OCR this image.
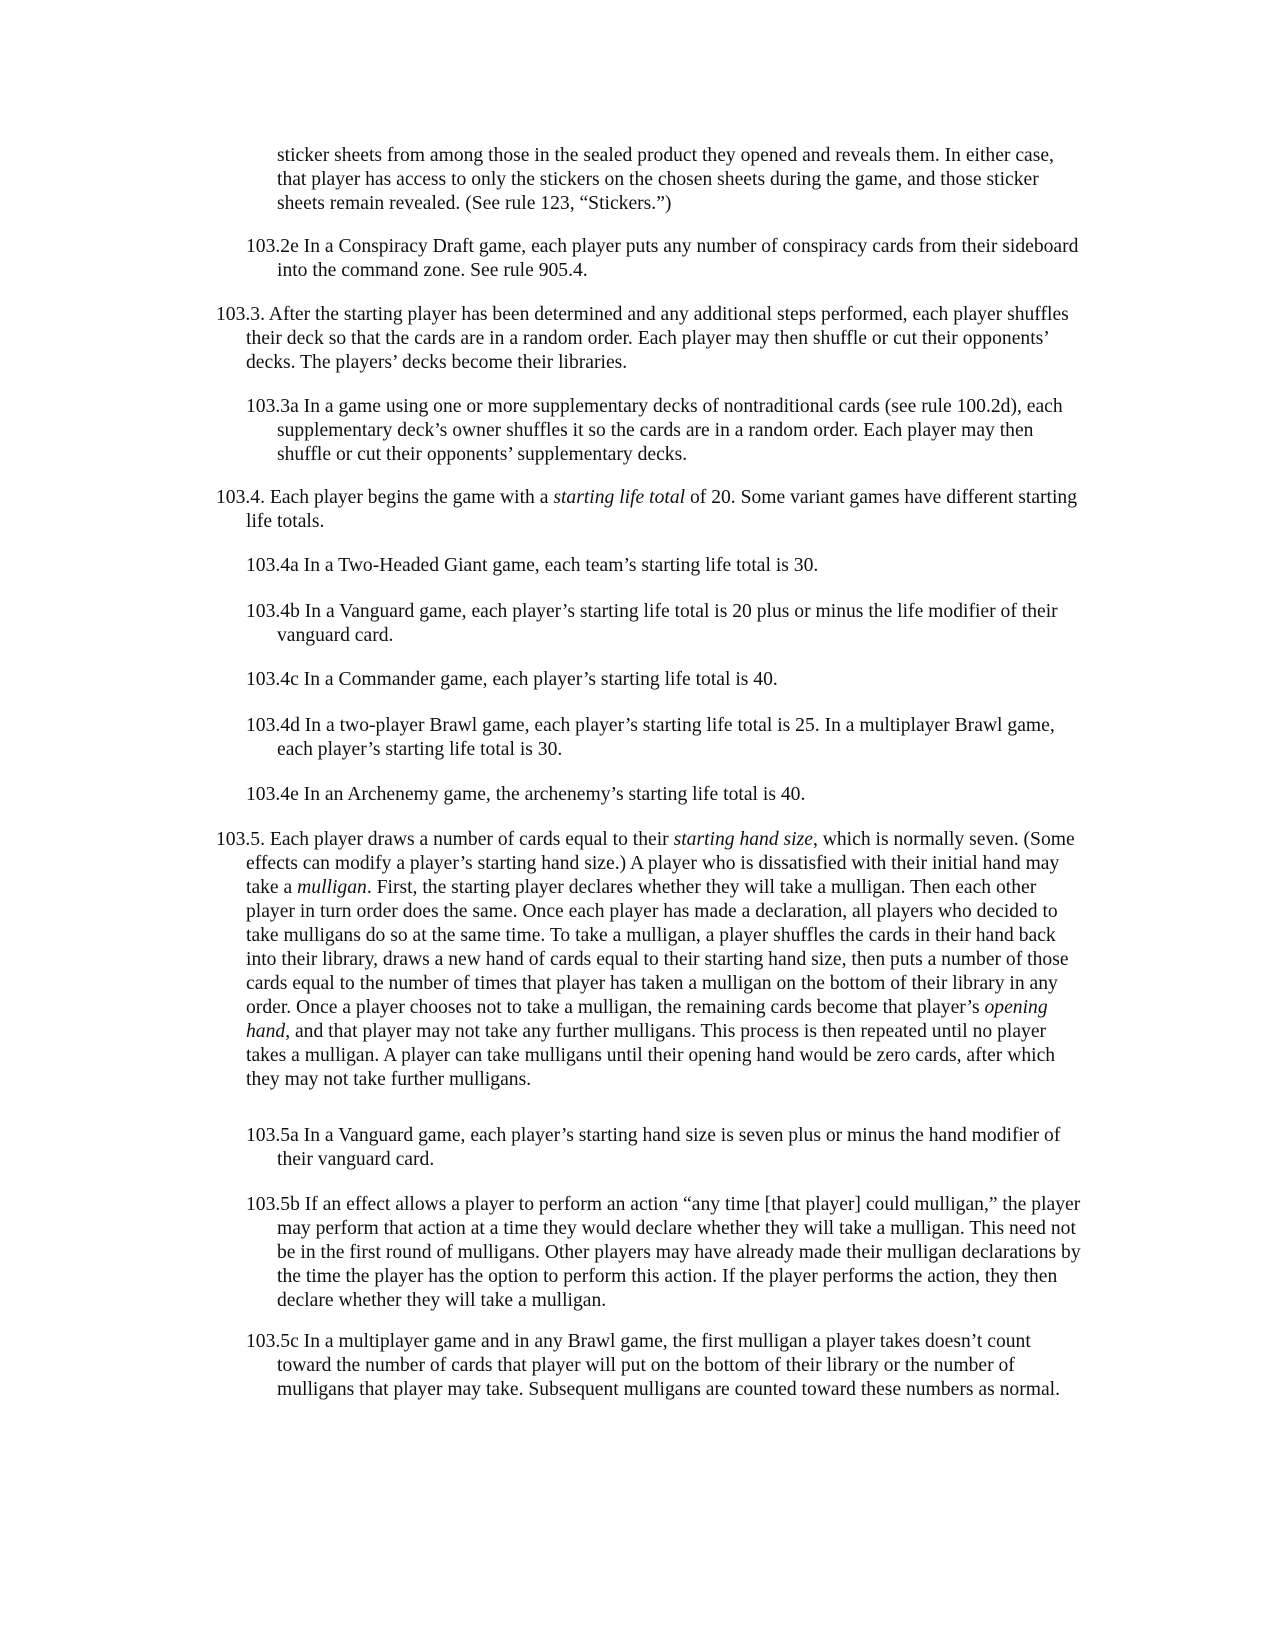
sticker sheets from among those in the sealed product they opened and reveals them. In either case, that player has access to only the stickers on the chosen sheets during the game, and those sticker sheets remain revealed. (See rule 123, “Stickers.”)

103.2e In a Conspiracy Draft game, each player puts any number of conspiracy cards from their sideboard into the command zone. See rule 905.4.

103.3. After the starting player has been determined and any additional steps performed, each player shuffles their deck so that the cards are in a random order. Each player may then shuffle or cut their opponents’ decks. The players’ decks become their libraries.

103.3a In a game using one or more supplementary decks of nontraditional cards (see rule 100.2d), each supplementary deck’s owner shuffles it so the cards are in a random order. Each player may then shuffle or cut their opponents’ supplementary decks.

103.4. Each player begins the game with a starting life total of 20. Some variant games have different starting life totals.

103.4a In a Two-Headed Giant game, each team’s starting life total is 30.

103.4b In a Vanguard game, each player’s starting life total is 20 plus or minus the life modifier of their vanguard card.

103.4c In a Commander game, each player’s starting life total is 40.

103.4d In a two-player Brawl game, each player’s starting life total is 25. In a multiplayer Brawl game, each player’s starting life total is 30.

103.4e In an Archenemy game, the archenemy’s starting life total is 40.

103.5. Each player draws a number of cards equal to their starting hand size, which is normally seven. (Some effects can modify a player’s starting hand size.) A player who is dissatisfied with their initial hand may take a mulligan. First, the starting player declares whether they will take a mulligan. Then each other player in turn order does the same. Once each player has made a declaration, all players who decided to take mulligans do so at the same time. To take a mulligan, a player shuffles the cards in their hand back into their library, draws a new hand of cards equal to their starting hand size, then puts a number of those cards equal to the number of times that player has taken a mulligan on the bottom of their library in any order. Once a player chooses not to take a mulligan, the remaining cards become that player’s opening hand, and that player may not take any further mulligans. This process is then repeated until no player takes a mulligan. A player can take mulligans until their opening hand would be zero cards, after which they may not take further mulligans.

103.5a In a Vanguard game, each player’s starting hand size is seven plus or minus the hand modifier of their vanguard card.

103.5b If an effect allows a player to perform an action “any time [that player] could mulligan,” the player may perform that action at a time they would declare whether they will take a mulligan. This need not be in the first round of mulligans. Other players may have already made their mulligan declarations by the time the player has the option to perform this action. If the player performs the action, they then declare whether they will take a mulligan.

103.5c In a multiplayer game and in any Brawl game, the first mulligan a player takes doesn’t count toward the number of cards that player will put on the bottom of their library or the number of mulligans that player may take. Subsequent mulligans are counted toward these numbers as normal.
